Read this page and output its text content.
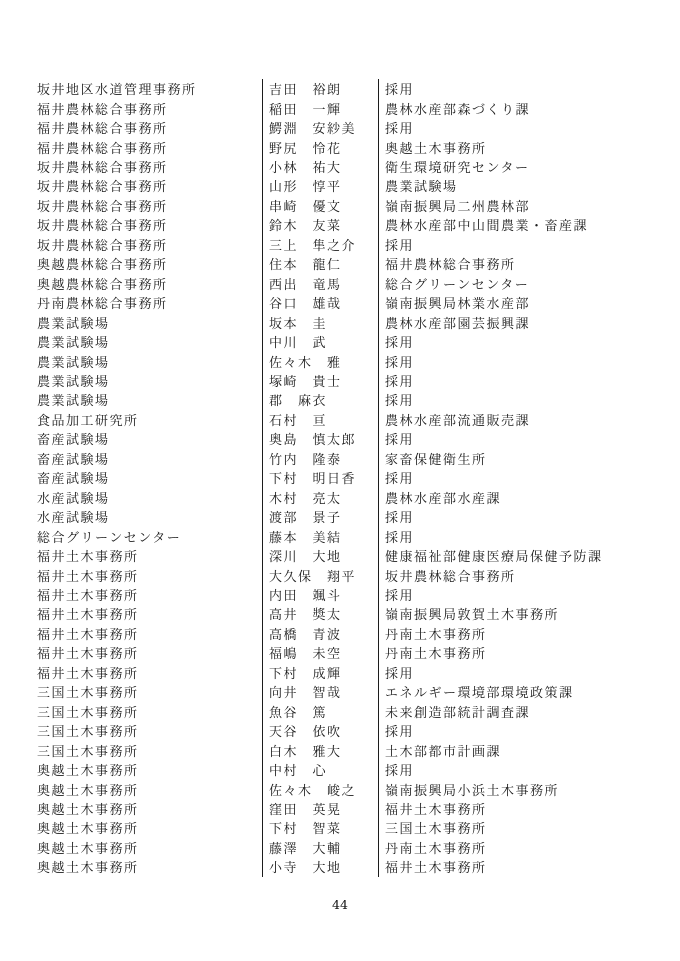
坂井地区水道管理事務所	吉田　裕朗	採用
福井農林総合事務所	稲田　一輝	農林水産部森づくり課
福井農林総合事務所	鰐淵　安紗美	採用
福井農林総合事務所	野尻　怜花	奥越土木事務所
坂井農林総合事務所	小林　祐大	衛生環境研究センター
坂井農林総合事務所	山形　惇平	農業試験場
坂井農林総合事務所	串崎　優文	嶺南振興局二州農林部
坂井農林総合事務所	鈴木　友菜	農林水産部中山間農業・畜産課
坂井農林総合事務所	三上　隼之介	採用
奥越農林総合事務所	住本　龍仁	福井農林総合事務所
奥越農林総合事務所	西出　竜馬	総合グリーンセンター
丹南農林総合事務所	谷口　雄哉	嶺南振興局林業水産部
農業試験場	坂本　圭	農林水産部園芸振興課
農業試験場	中川　武	採用
農業試験場	佐々木　雅	採用
農業試験場	塚崎　貴士	採用
農業試験場	郡　麻衣	採用
食品加工研究所	石村　亘	農林水産部流通販売課
畜産試験場	奥島　慎太郎	採用
畜産試験場	竹内　隆泰	家畜保健衛生所
畜産試験場	下村　明日香	採用
水産試験場	木村　亮太	農林水産部水産課
水産試験場	渡部　景子	採用
総合グリーンセンター	藤本　美結	採用
福井土木事務所	深川　大地	健康福祉部健康医療局保健予防課
福井土木事務所	大久保　翔平	坂井農林総合事務所
福井土木事務所	内田　颯斗	採用
福井土木事務所	高井　奬太	嶺南振興局敦賀土木事務所
福井土木事務所	高橋　青波	丹南土木事務所
福井土木事務所	福嶋　未空	丹南土木事務所
福井土木事務所	下村　成輝	採用
三国土木事務所	向井　智哉	エネルギー環境部環境政策課
三国土木事務所	魚谷　篤	未来創造部統計調査課
三国土木事務所	天谷　依吹	採用
三国土木事務所	白木　雅大	土木部都市計画課
奥越土木事務所	中村　心	採用
奥越土木事務所	佐々木　峻之	嶺南振興局小浜土木事務所
奥越土木事務所	窪田　英晃	福井土木事務所
奥越土木事務所	下村　智菜	三国土木事務所
奥越土木事務所	藤澤　大輔	丹南土木事務所
奥越土木事務所	小寺　大地	福井土木事務所
44
